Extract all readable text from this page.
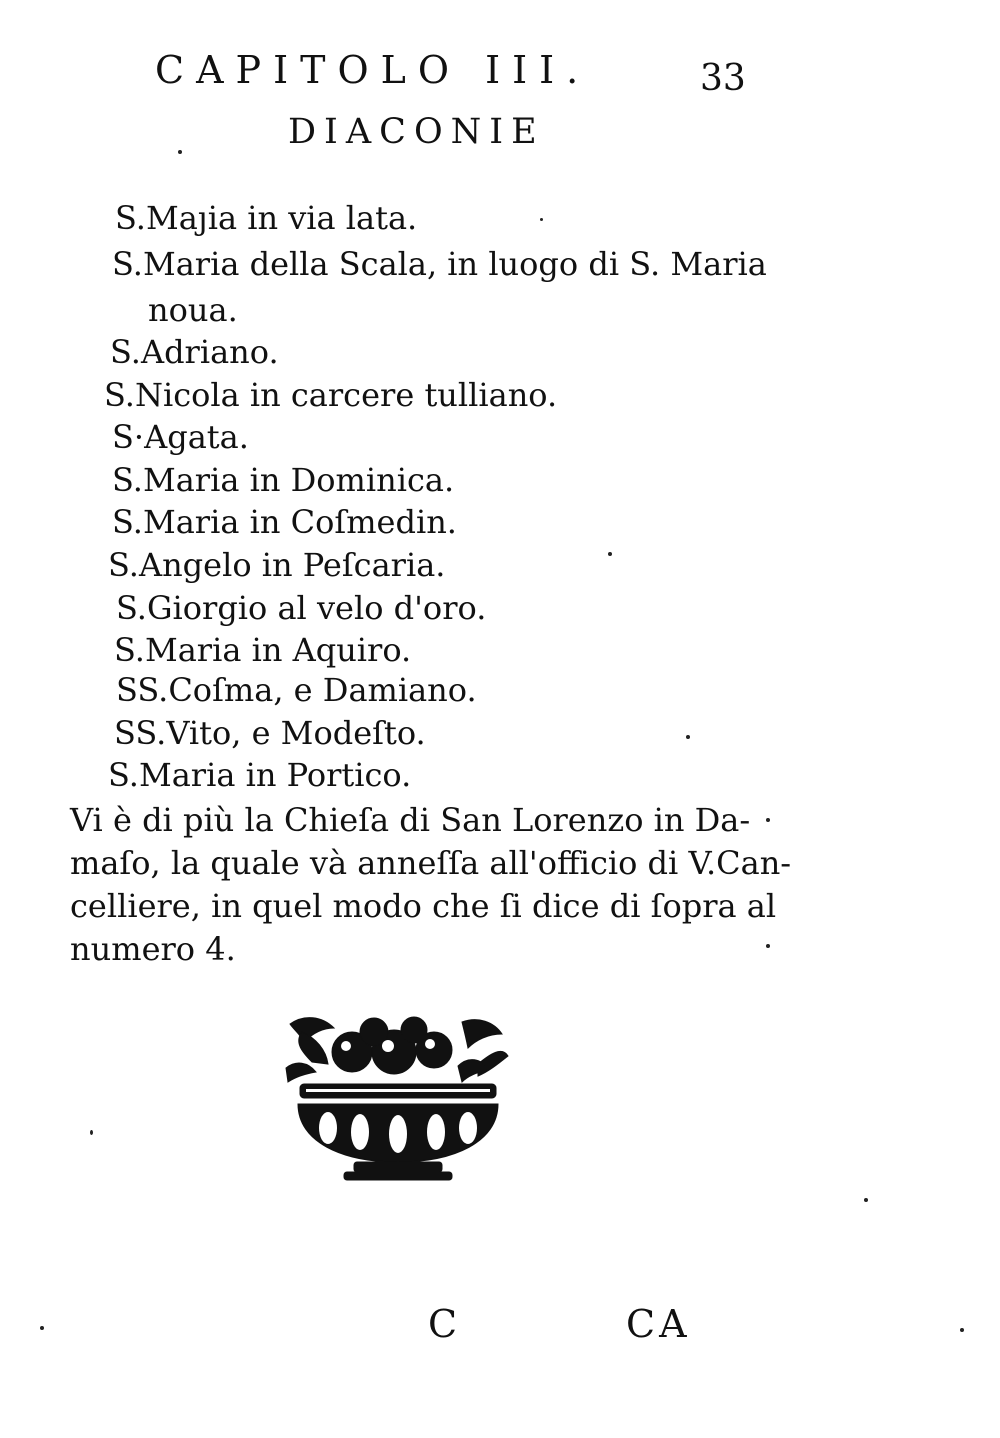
CAPITOLO III.	33
DIACONIE
S.Maȷia in via lata.
S.Maria della Scala, in luogo di S. Maria
noua.
S.Adriano.
S.Nicola in carcere tulliano.
S·Agata.
S.Maria in Dominica.
S.Maria in Coſmedin.
S.Angelo in Peſcaria.
S.Giorgio al velo d'oro.
S.Maria in Aquiro.
SS.Coſma, e Damiano.
SS.Vito, e Modeſto.
S.Maria in Portico.
Vi è di più la Chieſa di San Lorenzo in Da-
maſo, la quale và anneſſa all'officio di V.Can-
celliere, in quel modo che ſi dice di ſopra al
numero 4.
C	CA
